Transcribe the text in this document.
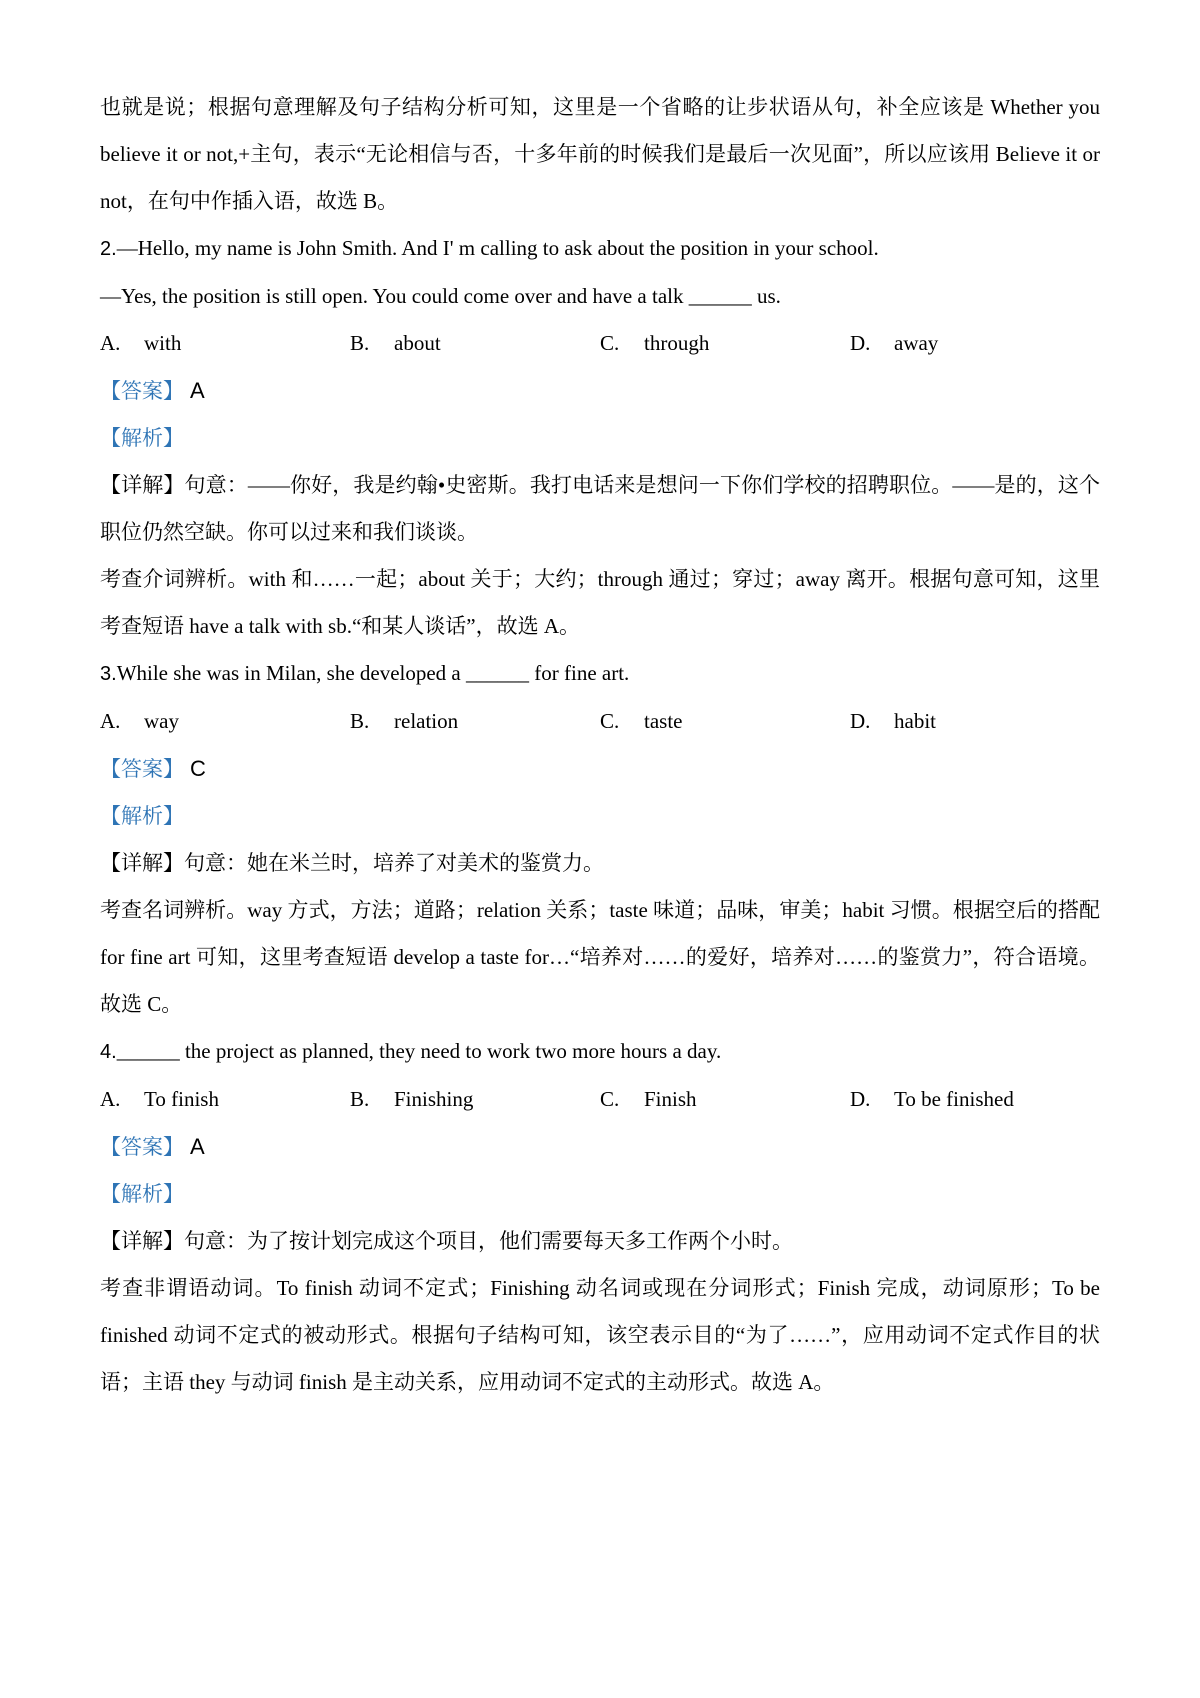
也就是说；根据句意理解及句子结构分析可知，这里是一个省略的让步状语从句，补全应该是 Whether you believe it or not,+主句，表示“无论相信与否，十多年前的时候我们是最后一次见面”，所以应该用 Believe it or not，在句中作插入语，故选 B。

2.—Hello, my name is John Smith. And I' m calling to ask about the position in your school.

—Yes, the position is still open. You could come over and have a talk ______ us.

A. with	B. about	C. through	D. away

【答案】 A

【解析】

【详解】句意：——你好，我是约翰•史密斯。我打电话来是想问一下你们学校的招聘职位。——是的，这个职位仍然空缺。你可以过来和我们谈谈。

考查介词辨析。with 和……一起；about 关于；大约；through 通过；穿过；away 离开。根据句意可知，这里考查短语 have a talk with sb.“和某人谈话”，故选 A。

3.While she was in Milan, she developed a ______ for fine art.

A. way	B. relation	C. taste	D. habit

【答案】 C

【解析】

【详解】句意：她在米兰时，培养了对美术的鉴赏力。

考查名词辨析。way 方式，方法；道路；relation 关系；taste 味道；品味，审美；habit 习惯。根据空后的搭配 for fine art 可知，这里考查短语 develop a taste for…“培养对……的爱好，培养对……的鉴赏力”，符合语境。故选 C。

4.______ the project as planned, they need to work two more hours a day.

A. To finish	B. Finishing	C. Finish	D. To be finished

【答案】 A

【解析】

【详解】句意：为了按计划完成这个项目，他们需要每天多工作两个小时。

考查非谓语动词。To finish 动词不定式；Finishing 动名词或现在分词形式；Finish 完成，动词原形；To be finished 动词不定式的被动形式。根据句子结构可知，该空表示目的“为了……”，应用动词不定式作目的状语；主语 they 与动词 finish 是主动关系，应用动词不定式的主动形式。故选 A。
